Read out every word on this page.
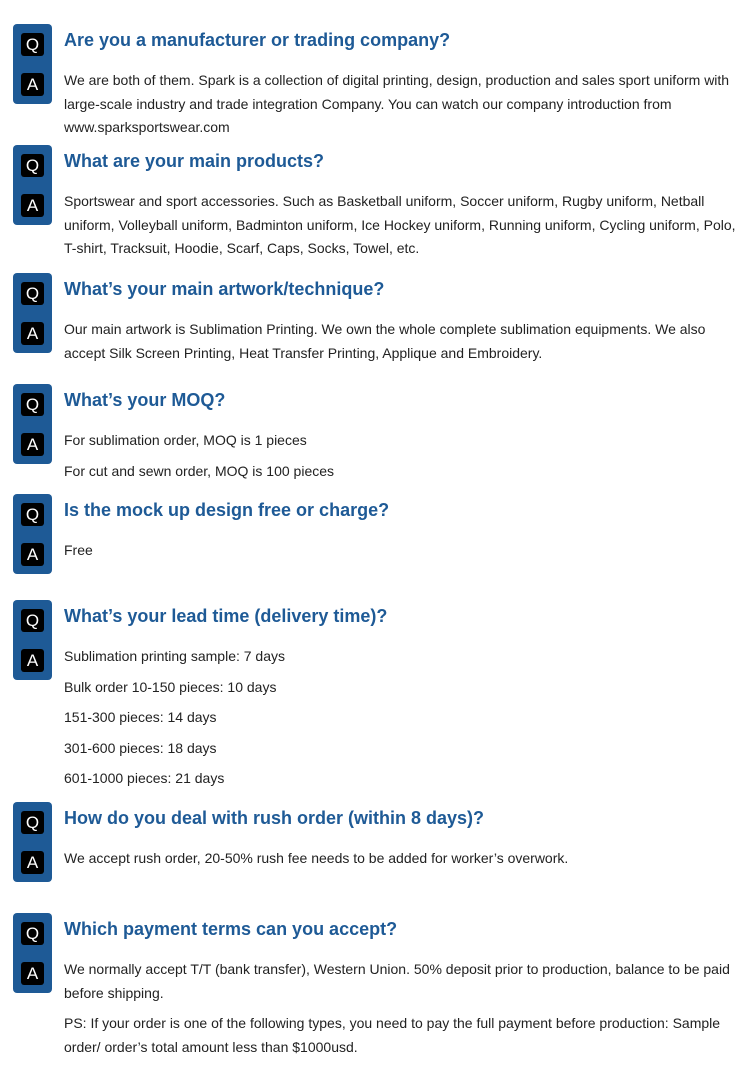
Q
A
Are you a manufacturer or trading company?

We are both of them. Spark is a collection of digital printing, design, production and sales sport uniform with large-scale industry and trade integration Company. You can watch our company introduction from www.sparksportswear.com

Q
A
What are your main products?

Sportswear and sport accessories. Such as Basketball uniform, Soccer uniform, Rugby uniform, Netball uniform, Volleyball uniform, Badminton uniform, Ice Hockey uniform, Running uniform, Cycling uniform, Polo, T-shirt, Tracksuit, Hoodie, Scarf, Caps, Socks, Towel, etc.

Q
A
What’s your main artwork/technique?

Our main artwork is Sublimation Printing. We own the whole complete sublimation equipments. We also accept Silk Screen Printing, Heat Transfer Printing, Applique and Embroidery.

Q
A
What’s your MOQ?

For sublimation order, MOQ is 1 pieces

For cut and sewn order, MOQ is 100 pieces

Q
A
Is the mock up design free or charge?

Free

Q
A
What’s your lead time (delivery time)?

Sublimation printing sample: 7 days

Bulk order 10-150 pieces: 10 days

151-300 pieces: 14 days

301-600 pieces: 18 days

601-1000 pieces: 21 days

Q
A
How do you deal with rush order (within 8 days)?

We accept rush order, 20-50% rush fee needs to be added for worker’s overwork.

Q
A
Which payment terms can you accept?

We normally accept T/T (bank transfer), Western Union. 50% deposit prior to production, balance to be paid before shipping.

PS: If your order is one of the following types, you need to pay the full payment before production: Sample order/ order’s total amount less than $1000usd.
